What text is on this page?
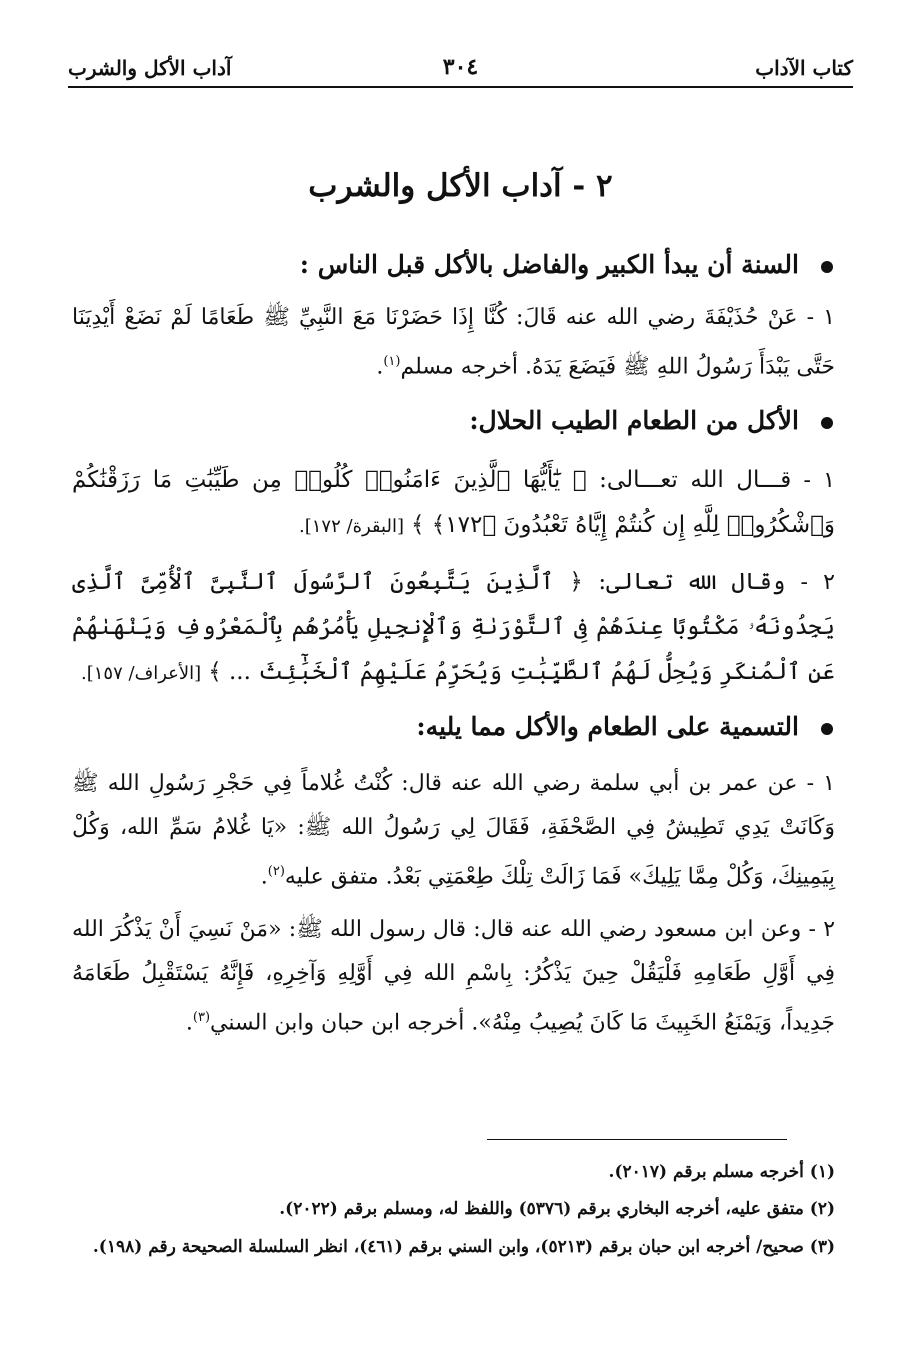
كتاب الآداب
٣٠٤
آداب الأكل والشرب
٢ - آداب الأكل والشرب
السنة أن يبدأ الكبير والفاضل بالأكل قبل الناس :
١ - عَنْ حُذَيْفَةَ رضي الله عنه قَالَ: كُنَّا إِذَا حَضَرْنَا مَعَ النَّبِيِّ ﷺ طَعَامًا لَمْ نَضَعْ أَيْدِيَنَا حَتَّى يَبْدَأَ رَسُولُ اللهِ ﷺ فَيَضَعَ يَدَهُ. أخرجه مسلم$^{(١)}$.
الأكل من الطعام الطيب الحلال:
١ - قـــال الله تعـــالى: ﴿ يَٰٓأَيُّهَا ٱلَّذِينَ ءَامَنُوا۟ كُلُوا۟ مِن طَيِّبَٰتِ مَا رَزَقْنَٰكُمْ وَٱشْكُرُوا۟ لِلَّهِ إِن كُنتُمْ إِيَّاهُ تَعْبُدُونَ ﴿١٧٢﴾ ﴾ [البقرة/ ١٧٢].
٢ - وقال الله تعالى: ﴿ ٱلَّذِينَ يَتَّبِعُونَ ٱلرَّسُولَ ٱلنَّبِىَّ ٱلْأُمِّىَّ ٱلَّذِى يَجِدُونَهُۥ مَكْتُوبًا عِندَهُمْ فِى ٱلتَّوْرَىٰةِ وَٱلْإِنجِيلِ يَأْمُرُهُم بِٱلْمَعْرُوفِ وَيَنْهَىٰهُمْ عَنِ ٱلْمُنكَرِ وَيُحِلُّ لَهُمُ ٱلطَّيِّبَٰتِ وَيُحَرِّمُ عَلَيْهِمُ ٱلْخَبَٰٓئِثَ ... ﴾ [الأعراف/ ١٥٧].
التسمية على الطعام والأكل مما يليه:
١ - عن عمر بن أبي سلمة رضي الله عنه قال: كُنْتُ غُلاماً فِي حَجْرِ رَسُولِ الله ﷺ وَكَانَتْ يَدِي تَطِيشُ فِي الصَّحْفَةِ، فَقَالَ لِي رَسُولُ الله ﷺ: «يَا غُلامُ سَمِّ الله، وَكُلْ بِيَمِينِكَ، وَكُلْ مِمَّا يَلِيكَ» فَمَا زَالَتْ تِلْكَ طِعْمَتِي بَعْدُ. متفق عليه$^{(٢)}$.
٢ - وعن ابن مسعود رضي الله عنه قال: قال رسول الله ﷺ: «مَنْ نَسِيَ أَنْ يَذْكُرَ الله فِي أَوَّلِ طَعَامِهِ فَلْيَقُلْ حِينَ يَذْكُرُ: بِاسْمِ الله فِي أَوَّلِهِ وَآخِرِهِ، فَإِنَّهُ يَسْتَقْبِلُ طَعَامَهُ جَدِيداً، وَيَمْنَعُ الخَبِيثَ مَا كَانَ يُصِيبُ مِنْهُ». أخرجه ابن حبان وابن السني$^{(٣)}$.
(١) أخرجه مسلم برقم (٢٠١٧).
(٢) متفق عليه، أخرجه البخاري برقم (٥٣٧٦) واللفظ له، ومسلم برقم (٢٠٢٢).
(٣) صحيح/ أخرجه ابن حبان برقم (٥٢١٣)، وابن السني برقم (٤٦١)، انظر السلسلة الصحيحة رقم (١٩٨).
